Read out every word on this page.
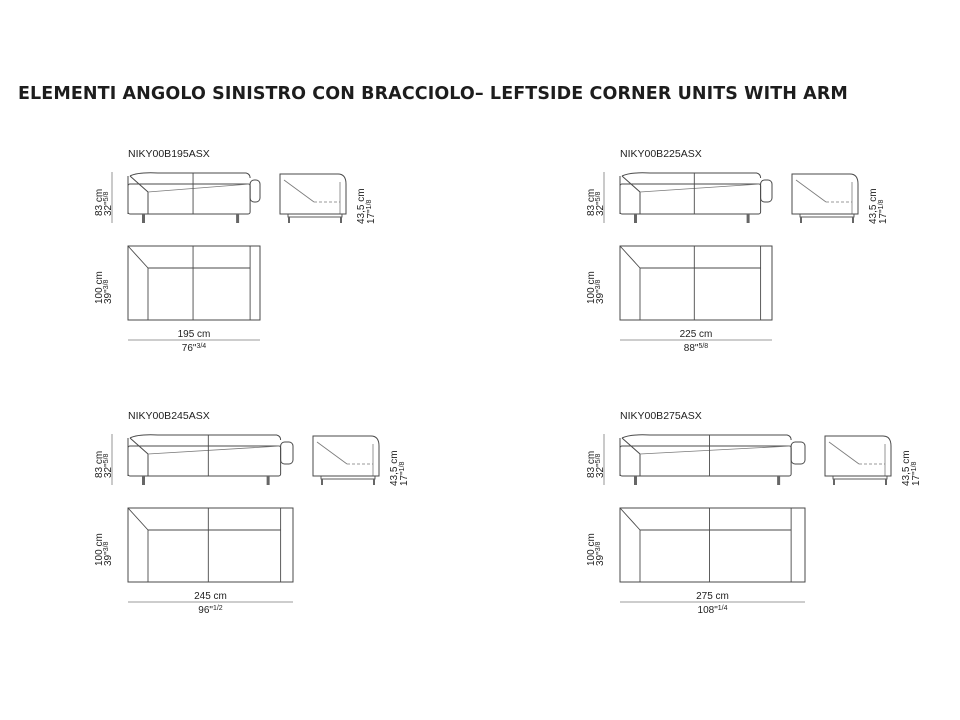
ELEMENTI ANGOLO SINISTRO CON BRACCIOLO– LEFTSIDE CORNER UNITS WITH ARM
NIKY00B195ASX
83 cm
32"$^{5/8}$	43,5 cm 17"$^{1/8}$
100 cm
39"$^{3/8}$
195 cm
76"$^{3/4}$
NIKY00B225ASX
83 cm
32"$^{5/8}$	43,5 cm 17"$^{1/8}$
100 cm
39"$^{3/8}$
225 cm
88"$^{5/8}$
NIKY00B245ASX
83 cm
32"$^{5/8}$	43,5 cm 17"$^{1/8}$
100 cm
39"$^{3/8}$
245 cm
96"$^{1/2}$
NIKY00B275ASX
83 cm
32"$^{5/8}$	43,5 cm 17"$^{1/8}$
100 cm
39"$^{3/8}$
275 cm
108"$^{1/4}$
